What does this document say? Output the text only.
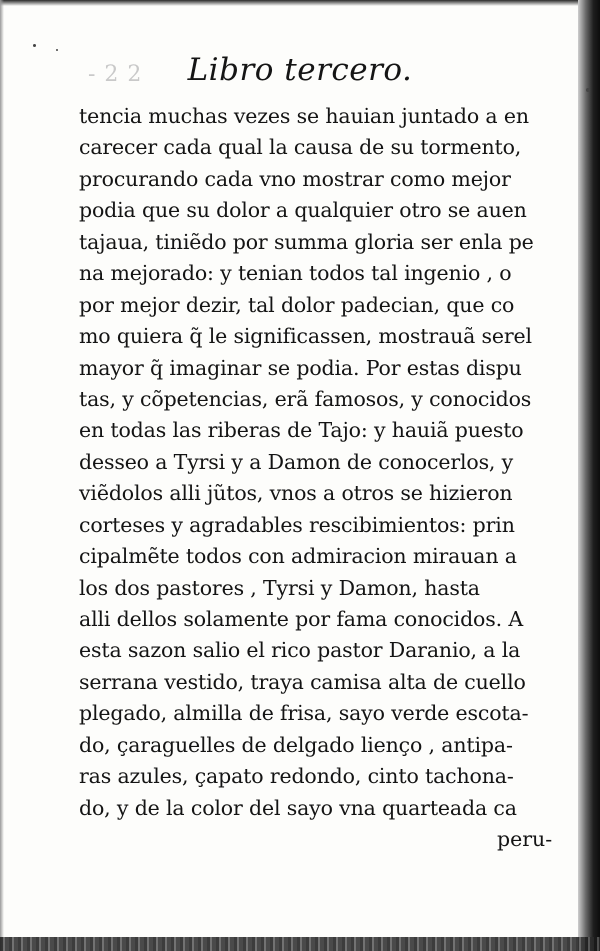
- 2 2	Libro tercero.
tencia muchas vezes se hauian juntado a en
carecer cada qual la causa de su tormento,
procurando cada vno mostrar como mejor
podia que su dolor a qualquier otro se auen
tajaua, tiniẽdo por summa gloria ser enla pe
na mejorado: y tenian todos tal ingenio , o
por mejor dezir, tal dolor padecian, que co
mo quiera q̃ le significassen, mostrauã serel
mayor q̃ imaginar se podia. Por estas dispu
tas, y cõpetencias, erã famosos, y conocidos
en todas las riberas de Tajo: y hauiã puesto
desseo a Tyrsi y a Damon de conocerlos, y
viẽdolos alli jũtos, vnos a otros se hizieron
corteses y agradables rescibimientos: prin
cipalmẽte todos con admiracion mirauan a
los dos pastores , Tyrsi y Damon, hasta
alli dellos solamente por fama conocidos. A
esta sazon salio el rico pastor Daranio, a la
serrana vestido, traya camisa alta de cuello
plegado, almilla de frisa, sayo verde escota-
do, çaraguelles de delgado lienço , antipa-
ras azules, çapato redondo, cinto tachona-
do, y de la color del sayo vna quarteada ca
peru-
